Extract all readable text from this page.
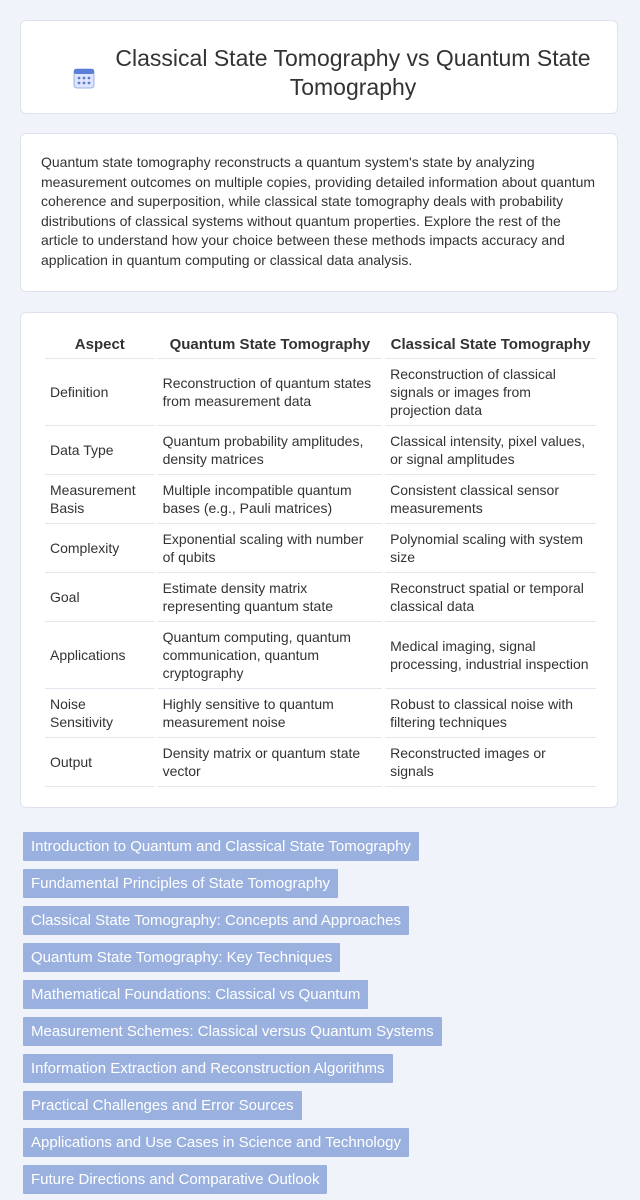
Classical State Tomography vs Quantum State Tomography

Quantum state tomography reconstructs a quantum system's state by analyzing measurement outcomes on multiple copies, providing detailed information about quantum coherence and superposition, while classical state tomography deals with probability distributions of classical systems without quantum properties. Explore the rest of the article to understand how your choice between these methods impacts accuracy and application in quantum computing or classical data analysis.

Aspect	Quantum State Tomography	Classical State Tomography
Definition	Reconstruction of quantum states from measurement data	Reconstruction of classical signals or images from projection data
Data Type	Quantum probability amplitudes, density matrices	Classical intensity, pixel values, or signal amplitudes
Measurement Basis	Multiple incompatible quantum bases (e.g., Pauli matrices)	Consistent classical sensor measurements
Complexity	Exponential scaling with number of qubits	Polynomial scaling with system size
Goal	Estimate density matrix representing quantum state	Reconstruct spatial or temporal classical data
Applications	Quantum computing, quantum communication, quantum cryptography	Medical imaging, signal processing, industrial inspection
Noise Sensitivity	Highly sensitive to quantum measurement noise	Robust to classical noise with filtering techniques
Output	Density matrix or quantum state vector	Reconstructed images or signals
Introduction to Quantum and Classical State Tomography
Fundamental Principles of State Tomography
Classical State Tomography: Concepts and Approaches
Quantum State Tomography: Key Techniques
Mathematical Foundations: Classical vs Quantum
Measurement Schemes: Classical versus Quantum Systems
Information Extraction and Reconstruction Algorithms
Practical Challenges and Error Sources
Applications and Use Cases in Science and Technology
Future Directions and Comparative Outlook
